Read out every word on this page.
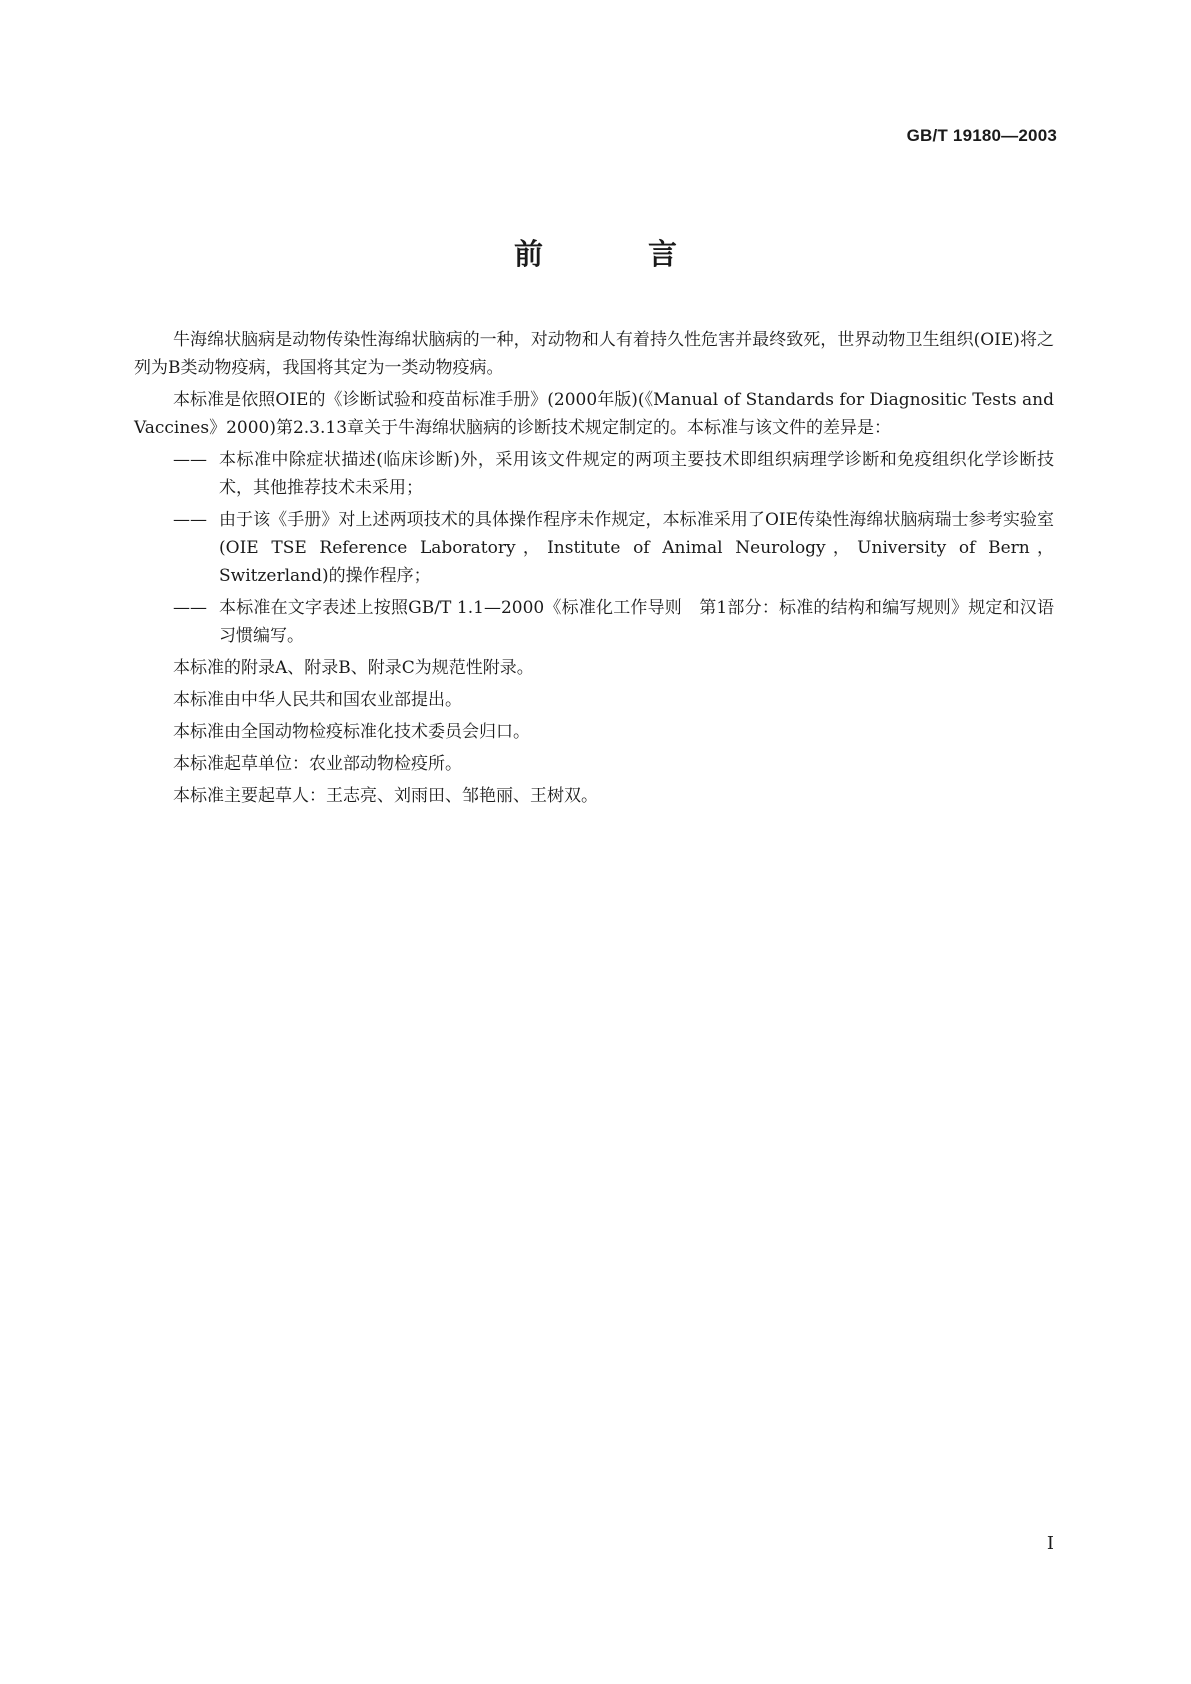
GB/T 19180—2003
前　言

牛海绵状脑病是动物传染性海绵状脑病的一种，对动物和人有着持久性危害并最终致死，世界动物卫生组织(OIE)将之列为B类动物疫病，我国将其定为一类动物疫病。

本标准是依照OIE的《诊断试验和疫苗标准手册》(2000年版)(《Manual of Standards for Diagnositic Tests and Vaccines》2000)第2.3.13章关于牛海绵状脑病的诊断技术规定制定的。本标准与该文件的差异是：

—— 本标准中除症状描述(临床诊断)外，采用该文件规定的两项主要技术即组织病理学诊断和免疫组织化学诊断技术，其他推荐技术未采用；
—— 由于该《手册》对上述两项技术的具体操作程序未作规定，本标准采用了OIE传染性海绵状脑病瑞士参考实验室(OIE TSE Reference Laboratory，Institute of Animal Neurology，University of Bern，Switzerland)的操作程序；
—— 本标准在文字表述上按照GB/T 1.1—2000《标准化工作导则　第1部分：标准的结构和编写规则》规定和汉语习惯编写。

本标准的附录A、附录B、附录C为规范性附录。

本标准由中华人民共和国农业部提出。

本标准由全国动物检疫标准化技术委员会归口。

本标准起草单位：农业部动物检疫所。

本标准主要起草人：王志亮、刘雨田、邹艳丽、王树双。

I
